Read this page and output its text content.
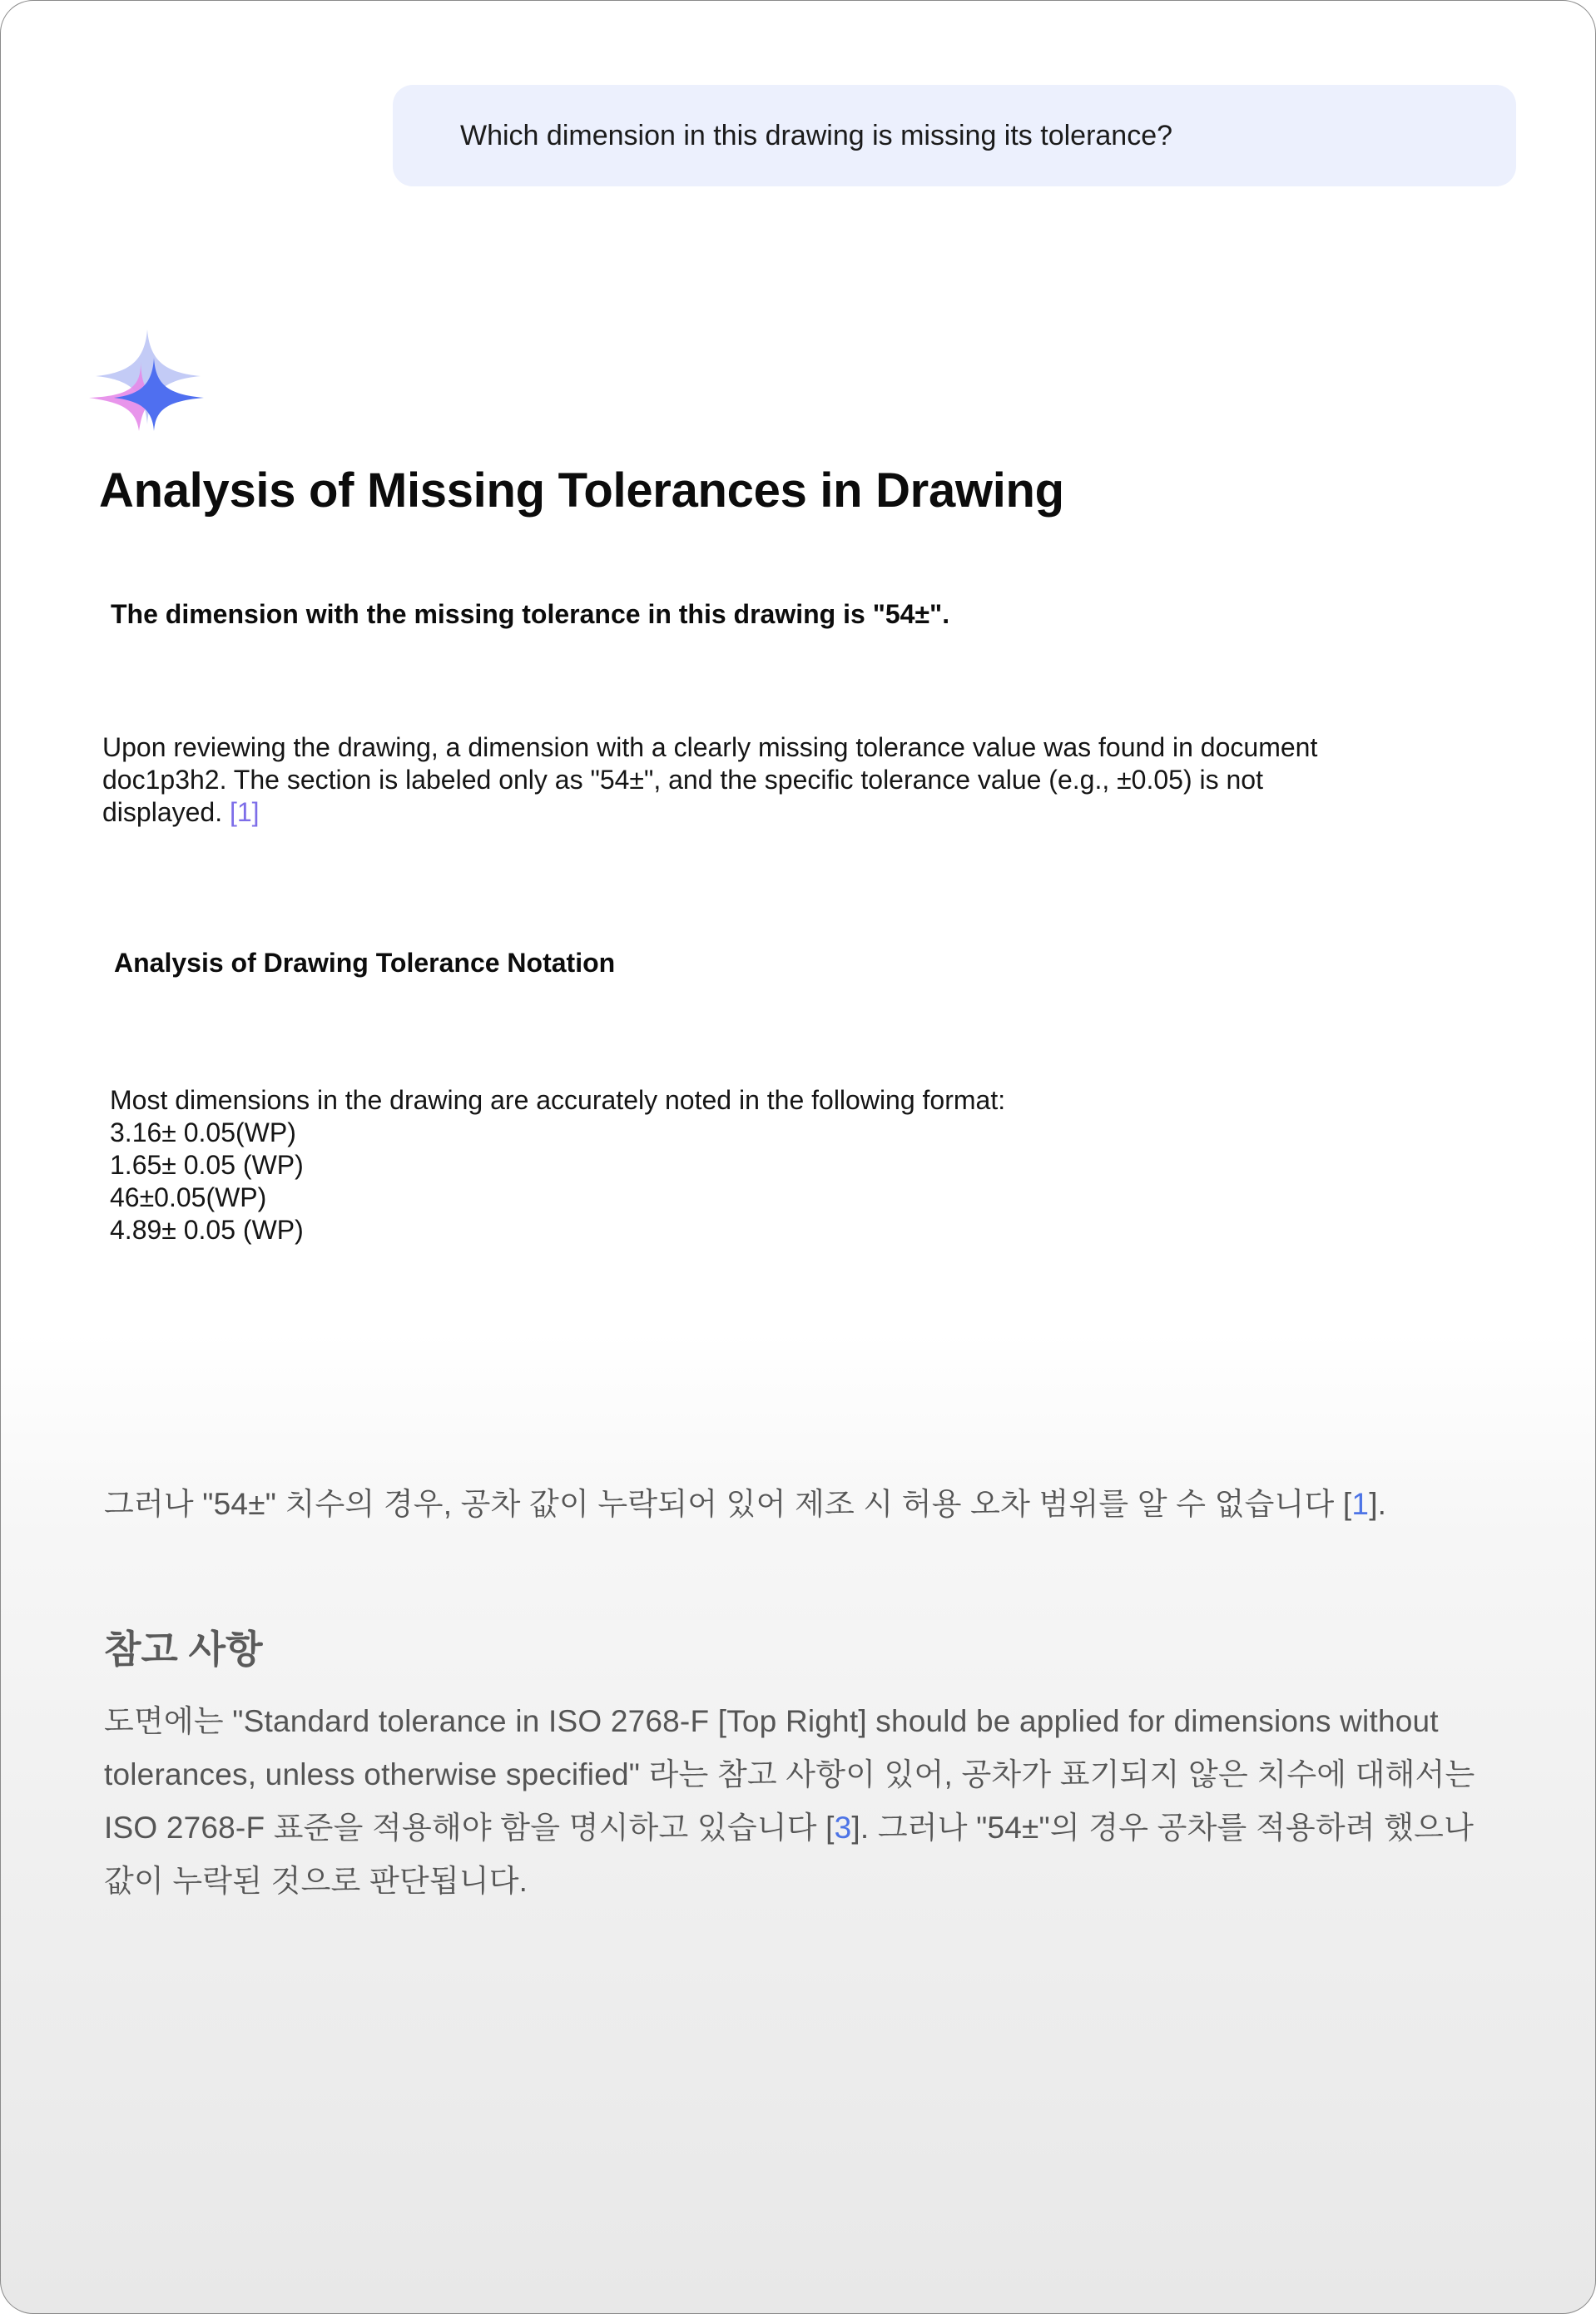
Which dimension in this drawing is missing its tolerance?
Analysis of Missing Tolerances in Drawing
The dimension with the missing tolerance in this drawing is "54±".
Upon reviewing the drawing, a dimension with a clearly missing tolerance value was found in document doc1p3h2. The section is labeled only as "54±", and the specific tolerance value (e.g., ±0.05) is not displayed. [1]
Analysis of Drawing Tolerance Notation
Most dimensions in the drawing are accurately noted in the following format:
3.16± 0.05(WP)
1.65± 0.05 (WP)
46±0.05(WP)
4.89± 0.05 (WP)
그러나 "54±" 치수의 경우, 공차 값이 누락되어 있어 제조 시 허용 오차 범위를 알 수 없습니다 [1].
참고 사항
도면에는 "Standard tolerance in ISO 2768-F [Top Right] should be applied for dimensions without tolerances, unless otherwise specified" 라는 참고 사항이 있어, 공차가 표기되지 않은 치수에 대해서는 ISO 2768-F 표준을 적용해야 함을 명시하고 있습니다 [3]. 그러나 "54±"의 경우 공차를 적용하려 했으나 값이 누락된 것으로 판단됩니다.
